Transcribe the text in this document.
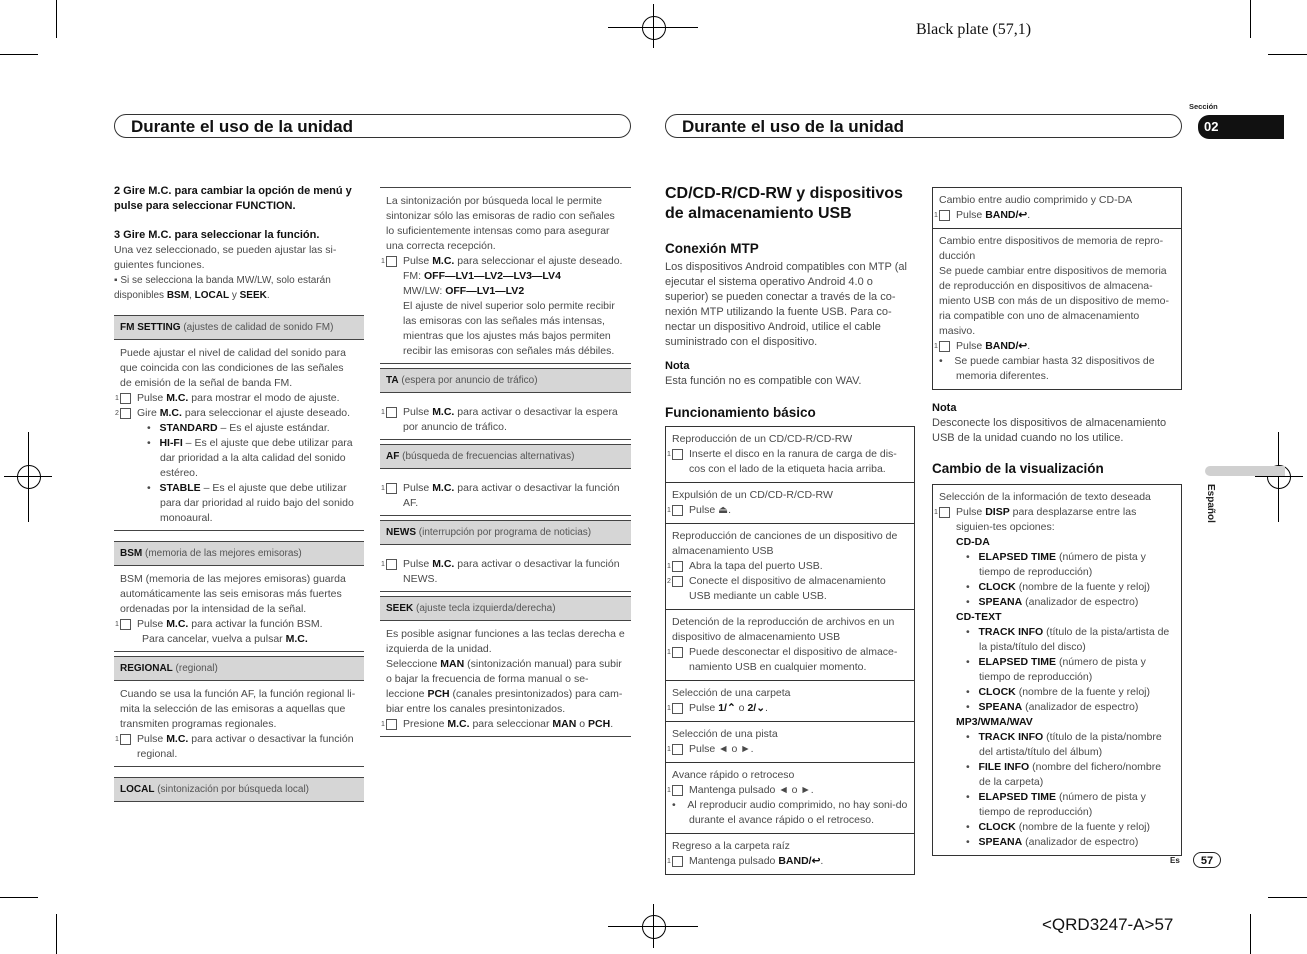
Black plate (57,1)
Sección
02
Español
Durante el uso de la unidad	Durante el uso de la unidad
2 Gire M.C. para cambiar la opción de menú y pulse para seleccionar FUNCTION.
3 Gire M.C. para seleccionar la función.
Una vez seleccionado, se pueden ajustar las si-guientes funciones.
▪ Si se selecciona la banda MW/LW, solo estarán disponibles BSM, LOCAL y SEEK.
FM SETTING (ajustes de calidad de sonido FM)
Puede ajustar el nivel de calidad del sonido para que coincida con las condiciones de las señales de emisión de la señal de banda FM.
1 Pulse M.C. para mostrar el modo de ajuste.
2 Gire M.C. para seleccionar el ajuste deseado.
•   STANDARD – Es el ajuste estándar.
•   HI-FI – Es el ajuste que debe utilizar para dar prioridad a la alta calidad del sonido estéreo.
•   STABLE – Es el ajuste que debe utilizar para dar prioridad al ruido bajo del sonido monoaural.
BSM (memoria de las mejores emisoras)
BSM (memoria de las mejores emisoras) guarda automáticamente las seis emisoras más fuertes ordenadas por la intensidad de la señal.
1 Pulse M.C. para activar la función BSM.
Para cancelar, vuelva a pulsar M.C.
REGIONAL (regional)
Cuando se usa la función AF, la función regional li-mita la selección de las emisoras a aquellas que transmiten programas regionales.
1 Pulse M.C. para activar o desactivar la función regional.
LOCAL (sintonización por búsqueda local)
La sintonización por búsqueda local le permite sintonizar sólo las emisoras de radio con señales lo suficientemente intensas como para asegurar una correcta recepción.
1 Pulse M.C. para seleccionar el ajuste deseado.
FM: OFF—LV1—LV2—LV3—LV4
MW/LW: OFF—LV1—LV2
El ajuste de nivel superior solo permite recibir las emisoras con las señales más intensas, mientras que los ajustes más bajos permiten recibir las emisoras con señales más débiles.
TA (espera por anuncio de tráfico)
1 Pulse M.C. para activar o desactivar la espera por anuncio de tráfico.
AF (búsqueda de frecuencias alternativas)
1 Pulse M.C. para activar o desactivar la función AF.
NEWS (interrupción por programa de noticias)
1 Pulse M.C. para activar o desactivar la función NEWS.
SEEK (ajuste tecla izquierda/derecha)
Es posible asignar funciones a las teclas derecha e izquierda de la unidad.
Seleccione MAN (sintonización manual) para subir o bajar la frecuencia de forma manual o se-leccione PCH (canales presintonizados) para cam-biar entre los canales presintonizados.
1 Presione M.C. para seleccionar MAN o PCH.
CD/CD-R/CD-RW y dispositivos de almacenamiento USB
Conexión MTP
Los dispositivos Android compatibles con MTP (al ejecutar el sistema operativo Android 4.0 o superior) se pueden conectar a través de la co-nexión MTP utilizando la fuente USB. Para co-nectar un dispositivo Android, utilice el cable suministrado con el dispositivo.
Nota
Esta función no es compatible con WAV.
Funcionamiento básico
Reproducción de un CD/CD-R/CD-RW
1 Inserte el disco en la ranura de carga de dis-cos con el lado de la etiqueta hacia arriba.
Expulsión de un CD/CD-R/CD-RW
1 Pulse ⏏.
Reproducción de canciones de un dispositivo de almacenamiento USB
1 Abra la tapa del puerto USB.
2 Conecte el dispositivo de almacenamiento USB mediante un cable USB.
Detención de la reproducción de archivos en un dispositivo de almacenamiento USB
1 Puede desconectar el dispositivo de almace-namiento USB en cualquier momento.
Selección de una carpeta
1 Pulse 1/⌃ o 2/⌄.
Selección de una pista
1 Pulse ◄ o ►.
Avance rápido o retroceso
1 Mantenga pulsado ◄ o ►.
•    Al reproducir audio comprimido, no hay soni-do durante el avance rápido o el retroceso.
Regreso a la carpeta raíz
1 Mantenga pulsado BAND/↩.
Cambio entre audio comprimido y CD-DA
1 Pulse BAND/↩.
Cambio entre dispositivos de memoria de repro-ducción
Se puede cambiar entre dispositivos de memoria de reproducción en dispositivos de almacena-miento USB con más de un dispositivo de memo-ria compatible con uno de almacenamiento masivo.
1 Pulse BAND/↩.
•    Se puede cambiar hasta 32 dispositivos de memoria diferentes.
Nota
Desconecte los dispositivos de almacenamiento USB de la unidad cuando no los utilice.
Cambio de la visualización
Selección de la información de texto deseada
1 Pulse DISP para desplazarse entre las siguien-tes opciones:
CD-DA
•   ELAPSED TIME (número de pista y tiempo de reproducción)
•   CLOCK (nombre de la fuente y reloj)
•   SPEANA (analizador de espectro)
CD-TEXT
•   TRACK INFO (título de la pista/artista de la pista/título del disco)
•   ELAPSED TIME (número de pista y tiempo de reproducción)
•   CLOCK (nombre de la fuente y reloj)
•   SPEANA (analizador de espectro)
MP3/WMA/WAV
•   TRACK INFO (título de la pista/nombre del artista/título del álbum)
•   FILE INFO (nombre del fichero/nombre de la carpeta)
•   ELAPSED TIME (número de pista y tiempo de reproducción)
•   CLOCK (nombre de la fuente y reloj)
•   SPEANA (analizador de espectro)
Es	57
<QRD3247-A>57
